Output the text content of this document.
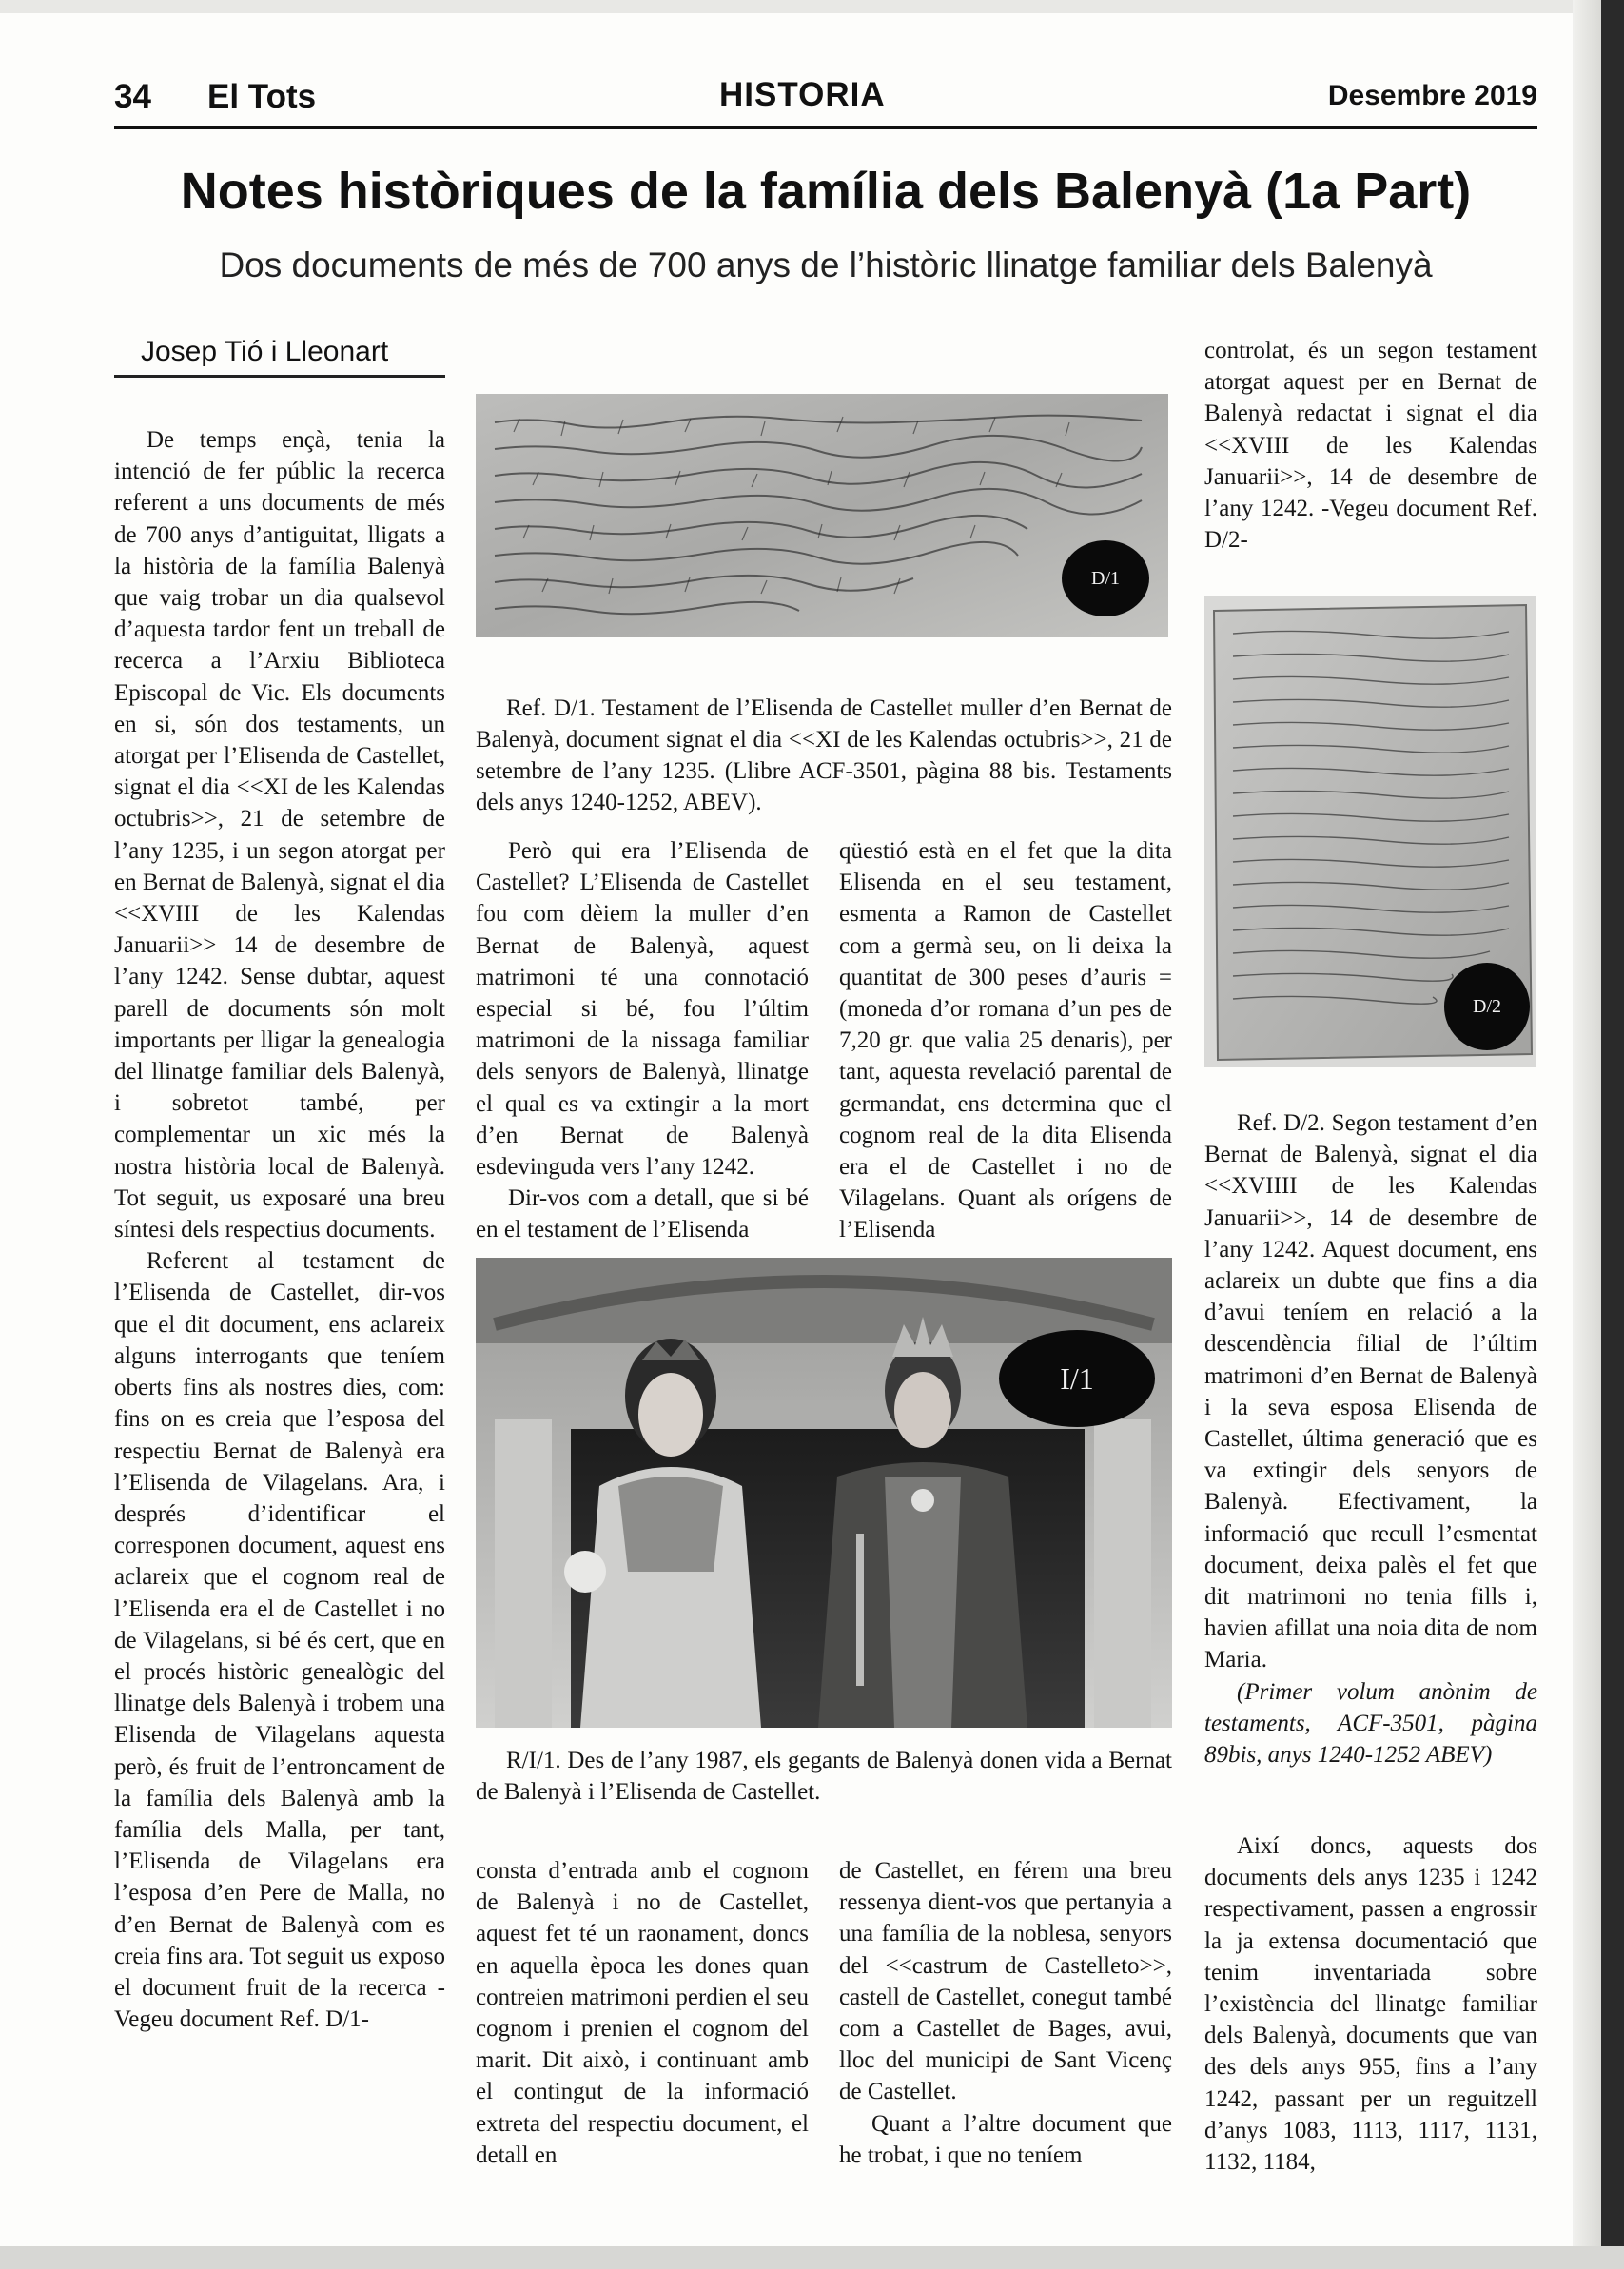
34 El Tots	HISTORIA	Desembre 2019
Notes històriques de la família dels Balenyà (1a Part)
Dos documents de més de 700 anys de l’històric llinatge familiar dels Balenyà
Josep Tió i Lleonart

De temps ençà, tenia la intenció de fer públic la recerca referent a uns documents de més de 700 anys d’antiguitat, lligats a la història de la família Balenyà que vaig trobar un dia qualsevol d’aquesta tardor fent un treball de recerca a l’Arxiu Biblioteca Episcopal de Vic. Els documents en si, són dos testaments, un atorgat per l’Elisenda de Castellet, signat el dia <<XI de les Kalendas octubris>>, 21 de setembre de l’any 1235, i un segon atorgat per en Bernat de Balenyà, signat el dia <<XVIII de les Kalendas Januarii>> 14 de desembre de l’any 1242. Sense dubtar, aquest parell de documents són molt importants per lligar la genealogia del llinatge familiar dels Balenyà, i sobretot també, per complementar un xic més la nostra història local de Balenyà. Tot seguit, us exposaré una breu síntesi dels respectius documents.

Referent al testament de l’Elisenda de Castellet, dir-vos que el dit document, ens aclareix alguns interrogants que teníem oberts fins als nostres dies, com: fins on es creia que l’esposa del respectiu Bernat de Balenyà era l’Elisenda de Vilagelans. Ara, i després d’identificar el corresponen document, aquest ens aclareix que el cognom real de l’Elisenda era el de Castellet i no de Vilagelans, si bé és cert, que en el procés històric genealògic del llinatge dels Balenyà i trobem una Elisenda de Vilagelans aquesta però, és fruit de l’entroncament de la família dels Balenyà amb la família dels Malla, per tant, l’Elisenda de Vilagelans era l’esposa d’en Pere de Malla, no d’en Bernat de Balenyà com es creia fins ara. Tot seguit us exposo el document fruit de la recerca -Vegeu document Ref. D/1-

D/1
Ref. D/1. Testament de l’Elisenda de Castellet muller d’en Bernat de Balenyà, document signat el dia <<XI de les Kalendas octubris>>, 21 de setembre de l’any 1235. (Llibre ACF-3501, pàgina 88 bis. Testaments dels anys 1240-1252, ABEV).

Però qui era l’Elisenda de Castellet? L’Elisenda de Castellet fou com dèiem la muller d’en Bernat de Balenyà, aquest matrimoni té una connotació especial si bé, fou l’últim matrimoni de la nissaga familiar dels senyors de Balenyà, llinatge el qual es va extingir a la mort d’en Bernat de Balenyà esdevinguda vers l’any 1242.

Dir-vos com a detall, que si bé en el testament de l’Elisenda

qüestió està en el fet que la dita Elisenda en el seu testament, esmenta a Ramon de Castellet com a germà seu, on li deixa la quantitat de 300 peses d’auris = (moneda d’or romana d’un pes de 7,20 gr. que valia 25 denaris), per tant, aquesta revelació parental de germandat, ens determina que el cognom real de la dita Elisenda era el de Castellet i no de Vilagelans. Quant als orígens de l’Elisenda

I/1
R/I/1. Des de l’any 1987, els gegants de Balenyà donen vida a Bernat de Balenyà i l’Elisenda de Castellet.

consta d’entrada amb el cognom de Balenyà i no de Castellet, aquest fet té un raonament, doncs en aquella època les dones quan contreien matrimoni perdien el seu cognom i prenien el cognom del marit. Dit això, i continuant amb el contingut de la informació extreta del respectiu document, el detall en

de Castellet, en férem una breu ressenya dient-vos que pertanyia a una família de la noblesa, senyors del <<castrum de Castelleto>>, castell de Castellet, conegut també com a Castellet de Bages, avui, lloc del municipi de Sant Vicenç de Castellet.

Quant a l’altre document que he trobat, i que no teníem

controlat, és un segon testament atorgat aquest per en Bernat de Balenyà redactat i signat el dia <<XVIII de les Kalendas Januarii>>, 14 de desembre de l’any 1242. -Vegeu document Ref. D/2-

D/2

Ref. D/2. Segon testament d’en Bernat de Balenyà, signat el dia <<XVIIII de les Kalendas Januarii>>, 14 de desembre de l’any 1242. Aquest document, ens aclareix un dubte que fins a dia d’avui teníem en relació a la descendència filial de l’últim matrimoni d’en Bernat de Balenyà i la seva esposa Elisenda de Castellet, última generació que es va extingir dels senyors de Balenyà. Efectivament, la informació que recull l’esmentat document, deixa palès el fet que dit matrimoni no tenia fills i, havien afillat una noia dita de nom Maria.

(Primer volum anònim de testaments, ACF-3501, pàgina 89bis, anys 1240-1252 ABEV)

Així doncs, aquests dos documents dels anys 1235 i 1242 respectivament, passen a engrossir la ja extensa documentació que tenim inventariada sobre l’existència del llinatge familiar dels Balenyà, documents que van des dels anys 955, fins a l’any 1242, passant per un reguitzell d’anys 1083, 1113, 1117, 1131, 1132, 1184,
